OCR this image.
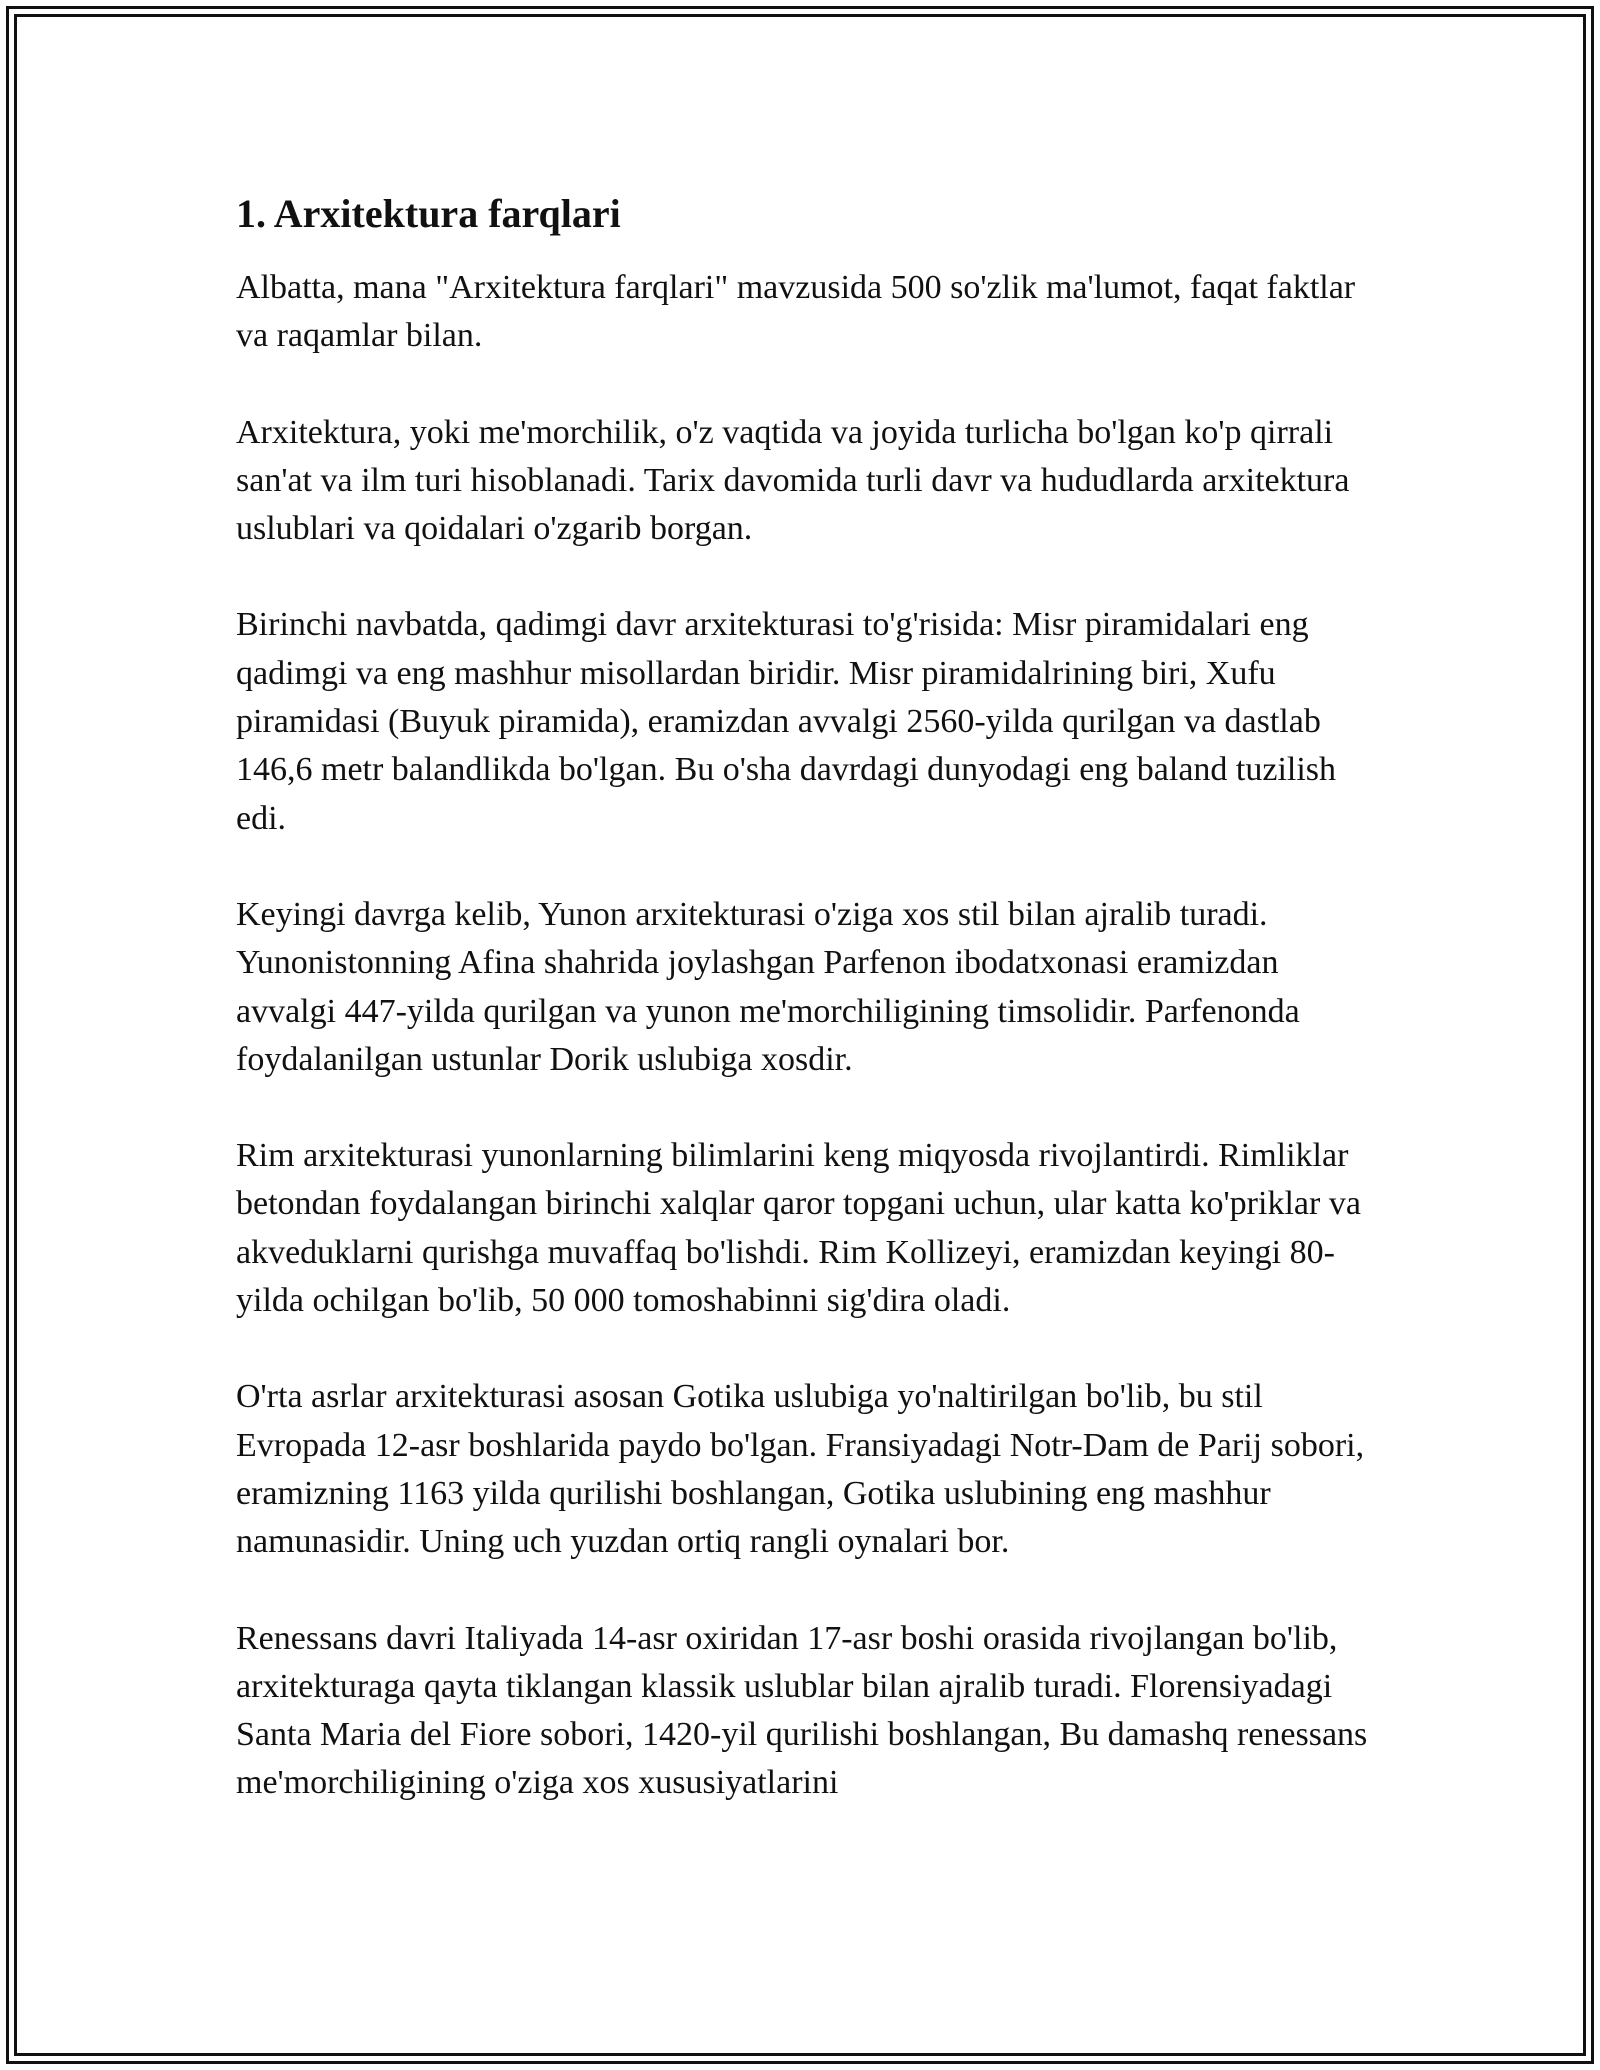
1. Arxitektura farqlari

Albatta, mana "Arxitektura farqlari" mavzusida 500 so'zlik ma'lumot, faqat faktlar va raqamlar bilan.

Arxitektura, yoki me'morchilik, o'z vaqtida va joyida turlicha bo'lgan ko'p qirrali san'at va ilm turi hisoblanadi. Tarix davomida turli davr va hududlarda arxitektura uslublari va qoidalari o'zgarib borgan.

Birinchi navbatda, qadimgi davr arxitekturasi to'g'risida: Misr piramidalari eng qadimgi va eng mashhur misollardan biridir. Misr piramidalrining biri, Xufu piramidasi (Buyuk piramida), eramizdan avvalgi 2560-yilda qurilgan va dastlab 146,6 metr balandlikda bo'lgan. Bu o'sha davrdagi dunyodagi eng baland tuzilish edi.

Keyingi davrga kelib, Yunon arxitekturasi o'ziga xos stil bilan ajralib turadi. Yunonistonning Afina shahrida joylashgan Parfenon ibodatxonasi eramizdan avvalgi 447-yilda qurilgan va yunon me'morchiligining timsolidir. Parfenonda foydalanilgan ustunlar Dorik uslubiga xosdir.

Rim arxitekturasi yunonlarning bilimlarini keng miqyosda rivojlantirdi. Rimliklar betondan foydalangan birinchi xalqlar qaror topgani uchun, ular katta ko'priklar va akveduklarni qurishga muvaffaq bo'lishdi. Rim Kollizeyi, eramizdan keyingi 80-yilda ochilgan bo'lib, 50 000 tomoshabinni sig'dira oladi.

O'rta asrlar arxitekturasi asosan Gotika uslubiga yo'naltirilgan bo'lib, bu stil Evropada 12-asr boshlarida paydo bo'lgan. Fransiyadagi Notr-Dam de Parij sobori, eramizning 1163 yilda qurilishi boshlangan, Gotika uslubining eng mashhur namunasidir. Uning uch yuzdan ortiq rangli oynalari bor.

Renessans davri Italiyada 14-asr oxiridan 17-asr boshi orasida rivojlangan bo'lib, arxitekturaga qayta tiklangan klassik uslublar bilan ajralib turadi. Florensiyadagi Santa Maria del Fiore sobori, 1420-yil qurilishi boshlangan, Bu damashq renessans me'morchiligining o'ziga xos xususiyatlarini
